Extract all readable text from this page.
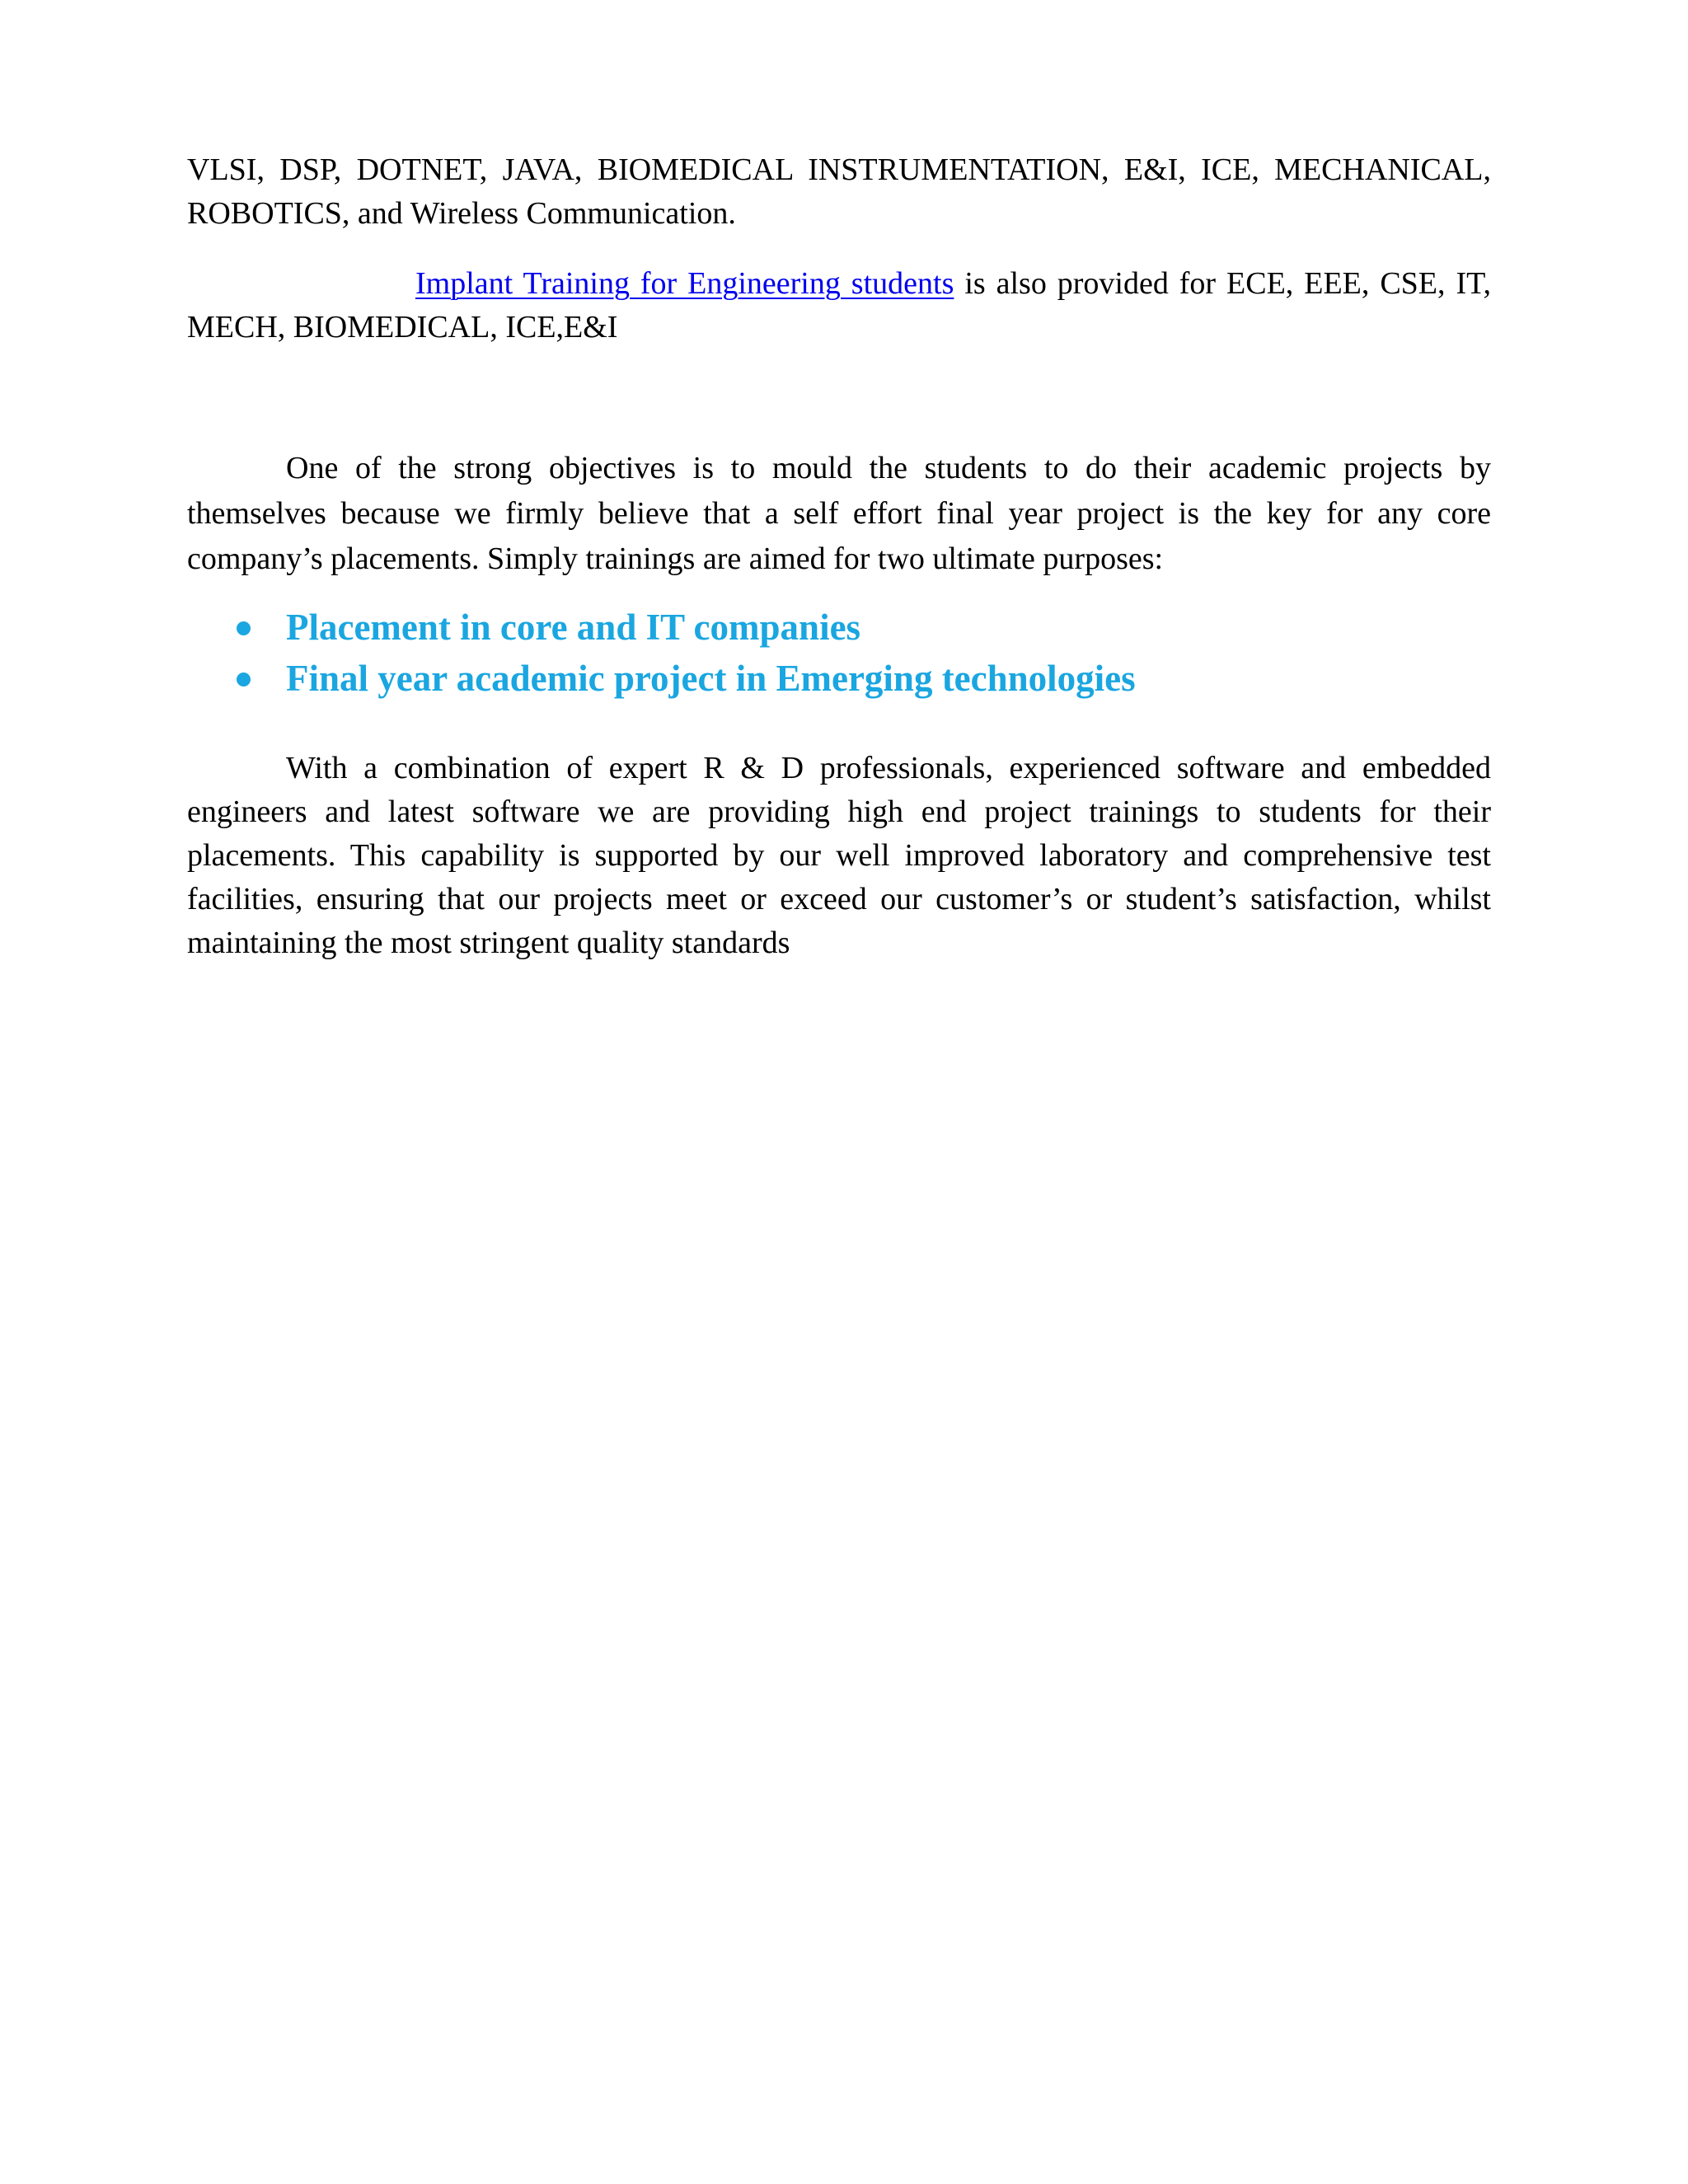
VLSI, DSP, DOTNET, JAVA, BIOMEDICAL INSTRUMENTATION, E&I, ICE, MECHANICAL, ROBOTICS, and Wireless Communication.

Implant Training for Engineering students is also provided for ECE, EEE, CSE, IT, MECH, BIOMEDICAL, ICE,E&I

One of the strong objectives is to mould the students to do their academic projects by themselves because we firmly believe that a self effort final year project is the key for any core company’s placements. Simply trainings are aimed for two ultimate purposes:

Placement in core and IT companies
Final year academic project in Emerging technologies

With a combination of expert R & D professionals, experienced software and embedded engineers and latest software we are providing high end project trainings to students for their placements. This capability is supported by our well improved laboratory and comprehensive test facilities, ensuring that our projects meet or exceed our customer’s or student’s satisfaction, whilst maintaining the most stringent quality standards
